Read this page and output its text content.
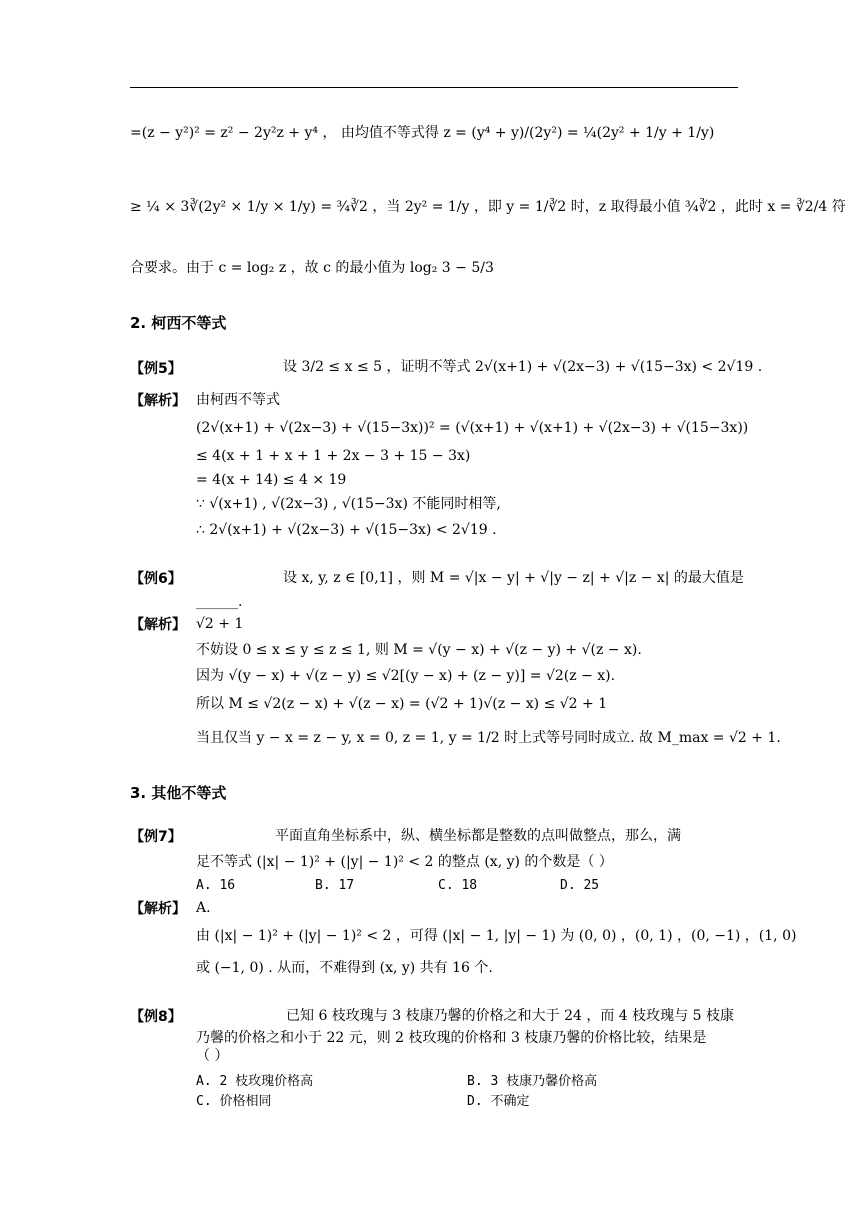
=(z − y²)² = z² − 2y²z + y⁴ ， 由均值不等式得 z = (y⁴ + y)/(2y²) = ¼(2y² + 1/y + 1/y)
≥ ¼ × 3∛(2y² × 1/y × 1/y) = ¾∛2 ，当 2y² = 1/y ，即 y = 1/∛2 时，z 取得最小值 ¾∛2 ，此时 x = ∛2/4 符
合要求。由于 c = log₂ z ，故 c 的最小值为 log₂ 3 − 5/3
2. 柯西不等式
【例5】	设 3/2 ≤ x ≤ 5 ，证明不等式 2√(x+1) + √(2x−3) + √(15−3x) < 2√19 .
【解析】 由柯西不等式
(2√(x+1) + √(2x−3) + √(15−3x))² = (√(x+1) + √(x+1) + √(2x−3) + √(15−3x))
≤ 4(x + 1 + x + 1 + 2x − 3 + 15 − 3x)
= 4(x + 14) ≤ 4 × 19
∵ √(x+1) , √(2x−3) , √(15−3x) 不能同时相等,
∴ 2√(x+1) + √(2x−3) + √(15−3x) < 2√19 .
【例6】	设 x, y, z ∈ [0,1] ，则 M = √|x − y| + √|y − z| + √|z − x| 的最大值是
______.
【解析】 √2 + 1
不妨设 0 ≤ x ≤ y ≤ z ≤ 1, 则 M = √(y − x) + √(z − y) + √(z − x).
因为 √(y − x) + √(z − y) ≤ √2[(y − x) + (z − y)] = √2(z − x).
所以 M ≤ √2(z − x) + √(z − x) = (√2 + 1)√(z − x) ≤ √2 + 1
当且仅当 y − x = z − y, x = 0, z = 1, y = 1/2 时上式等号同时成立. 故 M_max = √2 + 1.
3. 其他不等式
【例7】	平面直角坐标系中，纵、横坐标都是整数的点叫做整点，那么，满
足不等式 (|x| − 1)² + (|y| − 1)² < 2 的整点 (x, y) 的个数是（ ）
A. 16	B. 17	C. 18	D. 25
【解析】 A.
由 (|x| − 1)² + (|y| − 1)² < 2 ，可得 (|x| − 1, |y| − 1) 为 (0, 0) ，(0, 1) ，(0, −1) ，(1, 0)
或 (−1, 0) . 从而，不难得到 (x, y) 共有 16 个.
【例8】	已知 6 枝玫瑰与 3 枝康乃馨的价格之和大于 24 ，而 4 枝玫瑰与 5 枝康
乃馨的价格之和小于 22 元，则 2 枝玫瑰的价格和 3 枝康乃馨的价格比较，结果是
（ ）
A. 2 枝玫瑰价格高	B. 3 枝康乃馨价格高
C. 价格相同	D. 不确定
